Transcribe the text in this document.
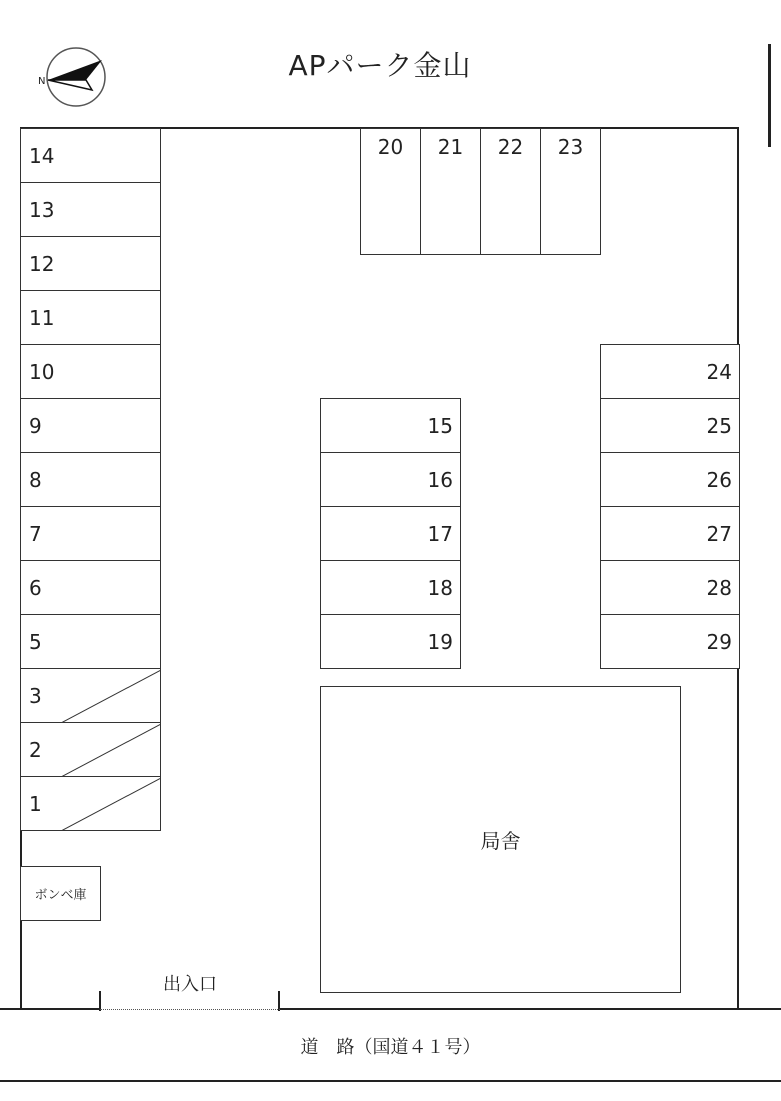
APパーク金山
N
14
13
12
11
10
9
8
7
6
5
3
2
1
20	21	22	23
15
16
17
18
19
24
25
26
27
28
29
ボンベ庫
局舎
出入口
道　路（国道４１号）
